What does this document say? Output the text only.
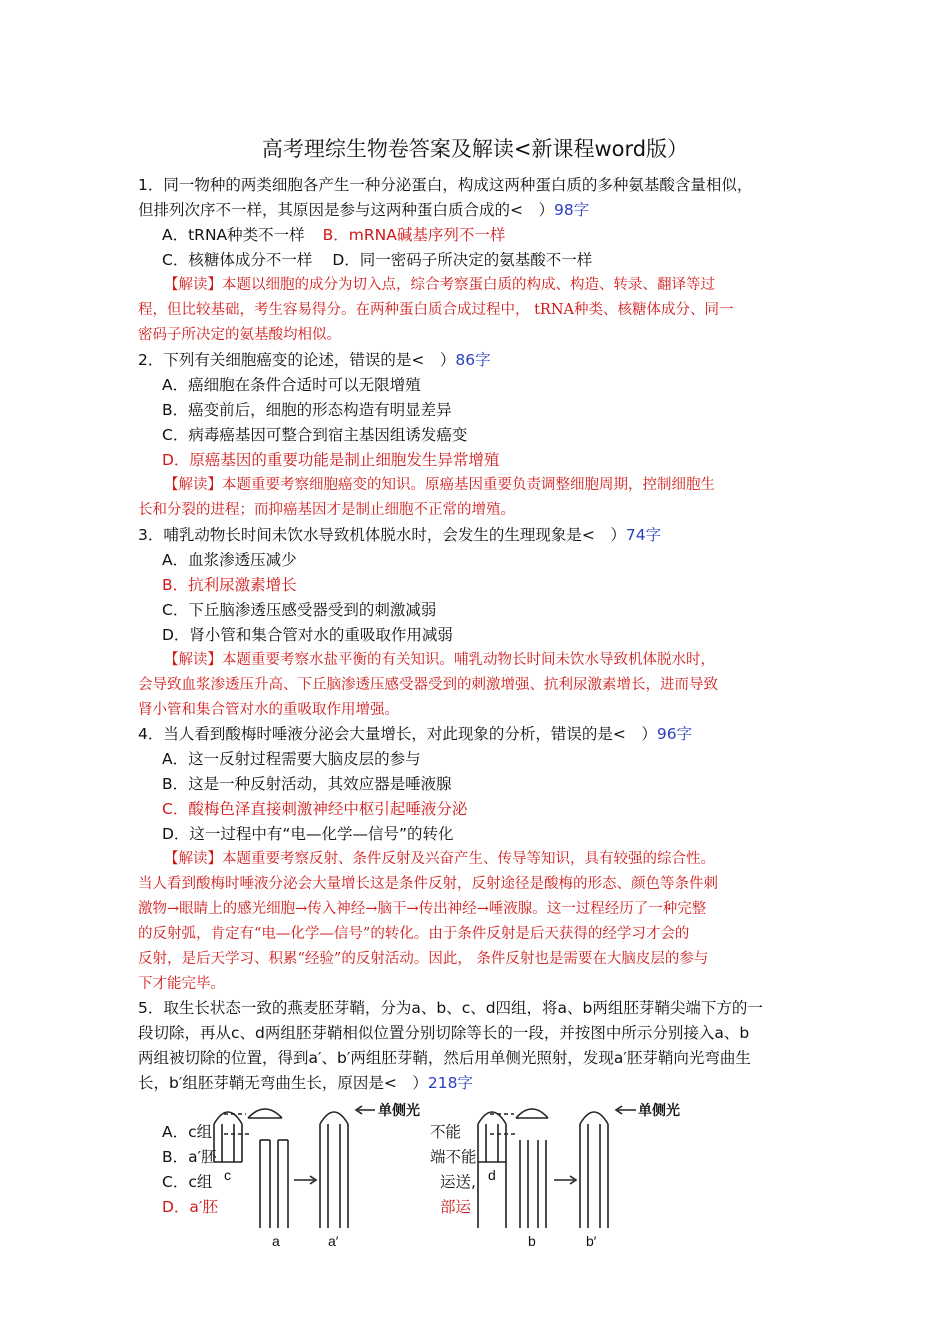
高考理综生物卷答案及解读<新课程word版）
1．同一物种的两类细胞各产生一种分泌蛋白，构成这两种蛋白质的多种氨基酸含量相似，
但排列次序不一样，其原因是参与这两种蛋白质合成的<　）98字
A．tRNA种类不一样 B．mRNA碱基序列不一样
C．核糖体成分不一样 D．同一密码子所决定的氨基酸不一样
【解读】本题以细胞的成分为切入点，综合考察蛋白质的构成、构造、转录、翻译等过
程，但比较基础，考生容易得分。在两种蛋白质合成过程中， tRNA种类、核糖体成分、同一
密码子所决定的氨基酸均相似。
2．下列有关细胞癌变的论述，错误的是<　）86字
A．癌细胞在条件合适时可以无限增殖
B．癌变前后，细胞的形态构造有明显差异
C．病毒癌基因可整合到宿主基因组诱发癌变
D．原癌基因的重要功能是制止细胞发生异常增殖
【解读】本题重要考察细胞癌变的知识。原癌基因重要负责调整细胞周期，控制细胞生
长和分裂的进程；而抑癌基因才是制止细胞不正常的增殖。
3．哺乳动物长时间未饮水导致机体脱水时，会发生的生理现象是<　）74字
A．血浆渗透压减少
B．抗利尿激素增长
C．下丘脑渗透压感受器受到的刺激减弱
D．肾小管和集合管对水的重吸取作用减弱
【解读】本题重要考察水盐平衡的有关知识。哺乳动物长时间未饮水导致机体脱水时，
会导致血浆渗透压升高、下丘脑渗透压感受器受到的刺激增强、抗利尿激素增长，进而导致
肾小管和集合管对水的重吸取作用增强。
4．当人看到酸梅时唾液分泌会大量增长，对此现象的分析，错误的是<　）96字
A．这一反射过程需要大脑皮层的参与
B．这是一种反射活动，其效应器是唾液腺
C．酸梅色泽直接刺激神经中枢引起唾液分泌
D．这一过程中有“电—化学—信号”的转化
【解读】本题重要考察反射、条件反射及兴奋产生、传导等知识，具有较强的综合性。
当人看到酸梅时唾液分泌会大量增长这是条件反射，反射途径是酸梅的形态、颜色等条件刺
激物→眼睛上的感光细胞→传入神经→脑干→传出神经→唾液腺。这一过程经历了一种完整
的反射弧，肯定有“电—化学—信号”的转化。由于条件反射是后天获得的经学习才会的
反射，是后天学习、积累“经验”的反射活动。因此， 条件反射也是需要在大脑皮层的参与
下才能完毕。
5．取生长状态一致的燕麦胚芽鞘，分为a、b、c、d四组，将a、b两组胚芽鞘尖端下方的一
段切除，再从c、d两组胚芽鞘相似位置分别切除等长的一段，并按图中所示分别接入a、b
两组被切除的位置，得到a′、b′两组胚芽鞘，然后用单侧光照射，发现a′胚芽鞘向光弯曲生
长，b′组胚芽鞘无弯曲生长，原因是<　）218字
A．c组
B．a′胚
C．c组
D．a′胚
不能
端不能
运送,
部运
单侧光	单侧光
c
a	a′
d
b	b′
